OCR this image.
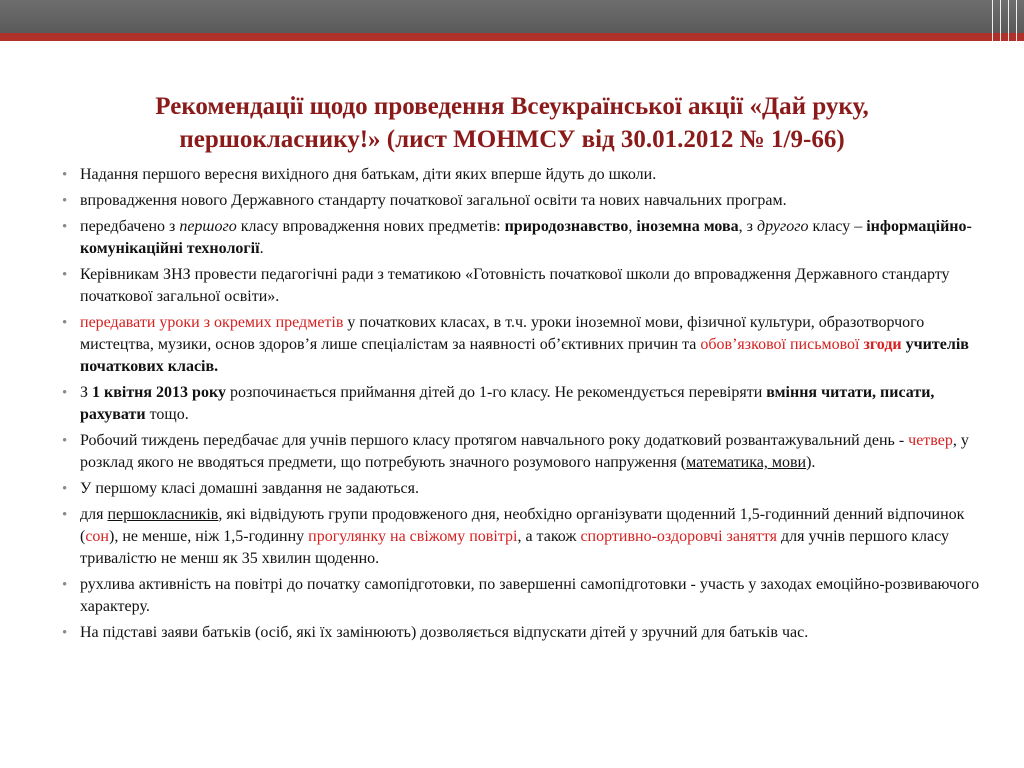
Рекомендації щодо проведення Всеукраїнської акції «Дай руку,
першокласнику!» (лист МОНМСУ від 30.01.2012 № 1/9-66)
• Надання першого вересня вихідного дня батькам, діти яких вперше йдуть до школи.
• впровадження нового Державного стандарту початкової загальної освіти та нових навчальних програм.
• передбачено з першого класу впровадження нових предметів: природознавство, іноземна мова, з другого класу – інформаційно-комунікаційні технології.
• Керівникам ЗНЗ провести педагогічні ради з тематикою «Готовність початкової школи до впровадження Державного стандарту початкової загальної освіти».
• передавати уроки з окремих предметів у початкових класах, в т.ч. уроки іноземної мови, фізичної культури, образотворчого мистецтва, музики, основ здоров’я лише спеціалістам за наявності об’єктивних причин та обов’язкової письмової згоди учителів початкових класів.
• З 1 квітня 2013 року розпочинається приймання дітей до 1-го класу. Не рекомендується перевіряти вміння читати, писати, рахувати тощо.
• Робочий тиждень передбачає для учнів першого класу протягом навчального року додатковий розвантажувальний день - четвер, у розклад якого не вводяться предмети, що потребують значного розумового напруження (математика, мови).
• У першому класі домашні завдання не задаються.
• для першокласників, які відвідують групи продовженого дня, необхідно організувати щоденний 1,5-годинний денний відпочинок (сон), не менше, ніж 1,5-годинну прогулянку на свіжому повітрі, а також спортивно-оздоровчі заняття для учнів першого класу тривалістю не менш як 35 хвилин щоденно.
• рухлива активність на повітрі до початку самопідготовки, по завершенні самопідготовки - участь у заходах емоційно-розвиваючого характеру.
• На підставі заяви батьків (осіб, які їх замінюють) дозволяється відпускати дітей у зручний для батьків час.
